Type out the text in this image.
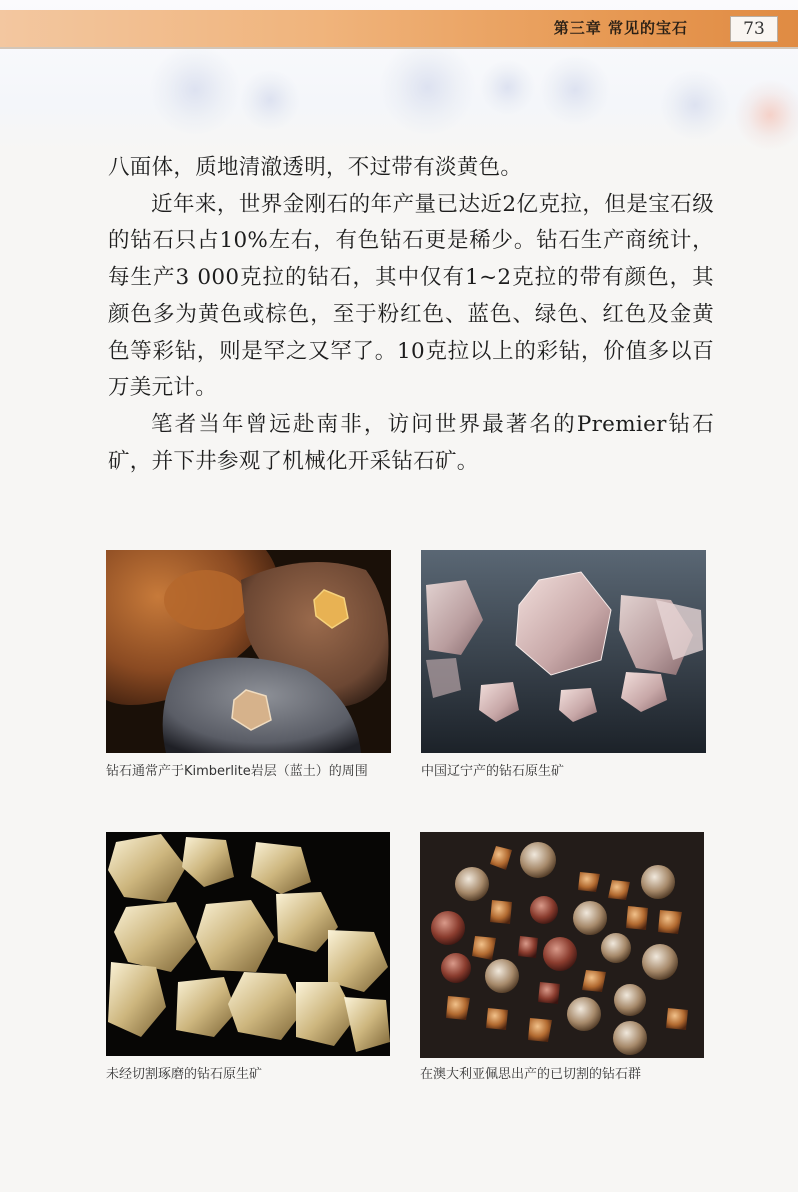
第三章 常见的宝石	73

八面体，质地清澈透明，不过带有淡黄色。

近年来，世界金刚石的年产量已达近2亿克拉，但是宝石级的钻石只占10%左右，有色钻石更是稀少。钻石生产商统计，每生产3 000克拉的钻石，其中仅有1~2克拉的带有颜色，其颜色多为黄色或棕色，至于粉红色、蓝色、绿色、红色及金黄色等彩钻，则是罕之又罕了。10克拉以上的彩钻，价值多以百万美元计。

笔者当年曾远赴南非，访问世界最著名的Premier钻石矿，并下井参观了机械化开采钻石矿。

钻石通常产于Kimberlite岩层（蓝土）的周围	中国辽宁产的钻石原生矿
未经切割琢磨的钻石原生矿	在澳大利亚佩思出产的已切割的钻石群
